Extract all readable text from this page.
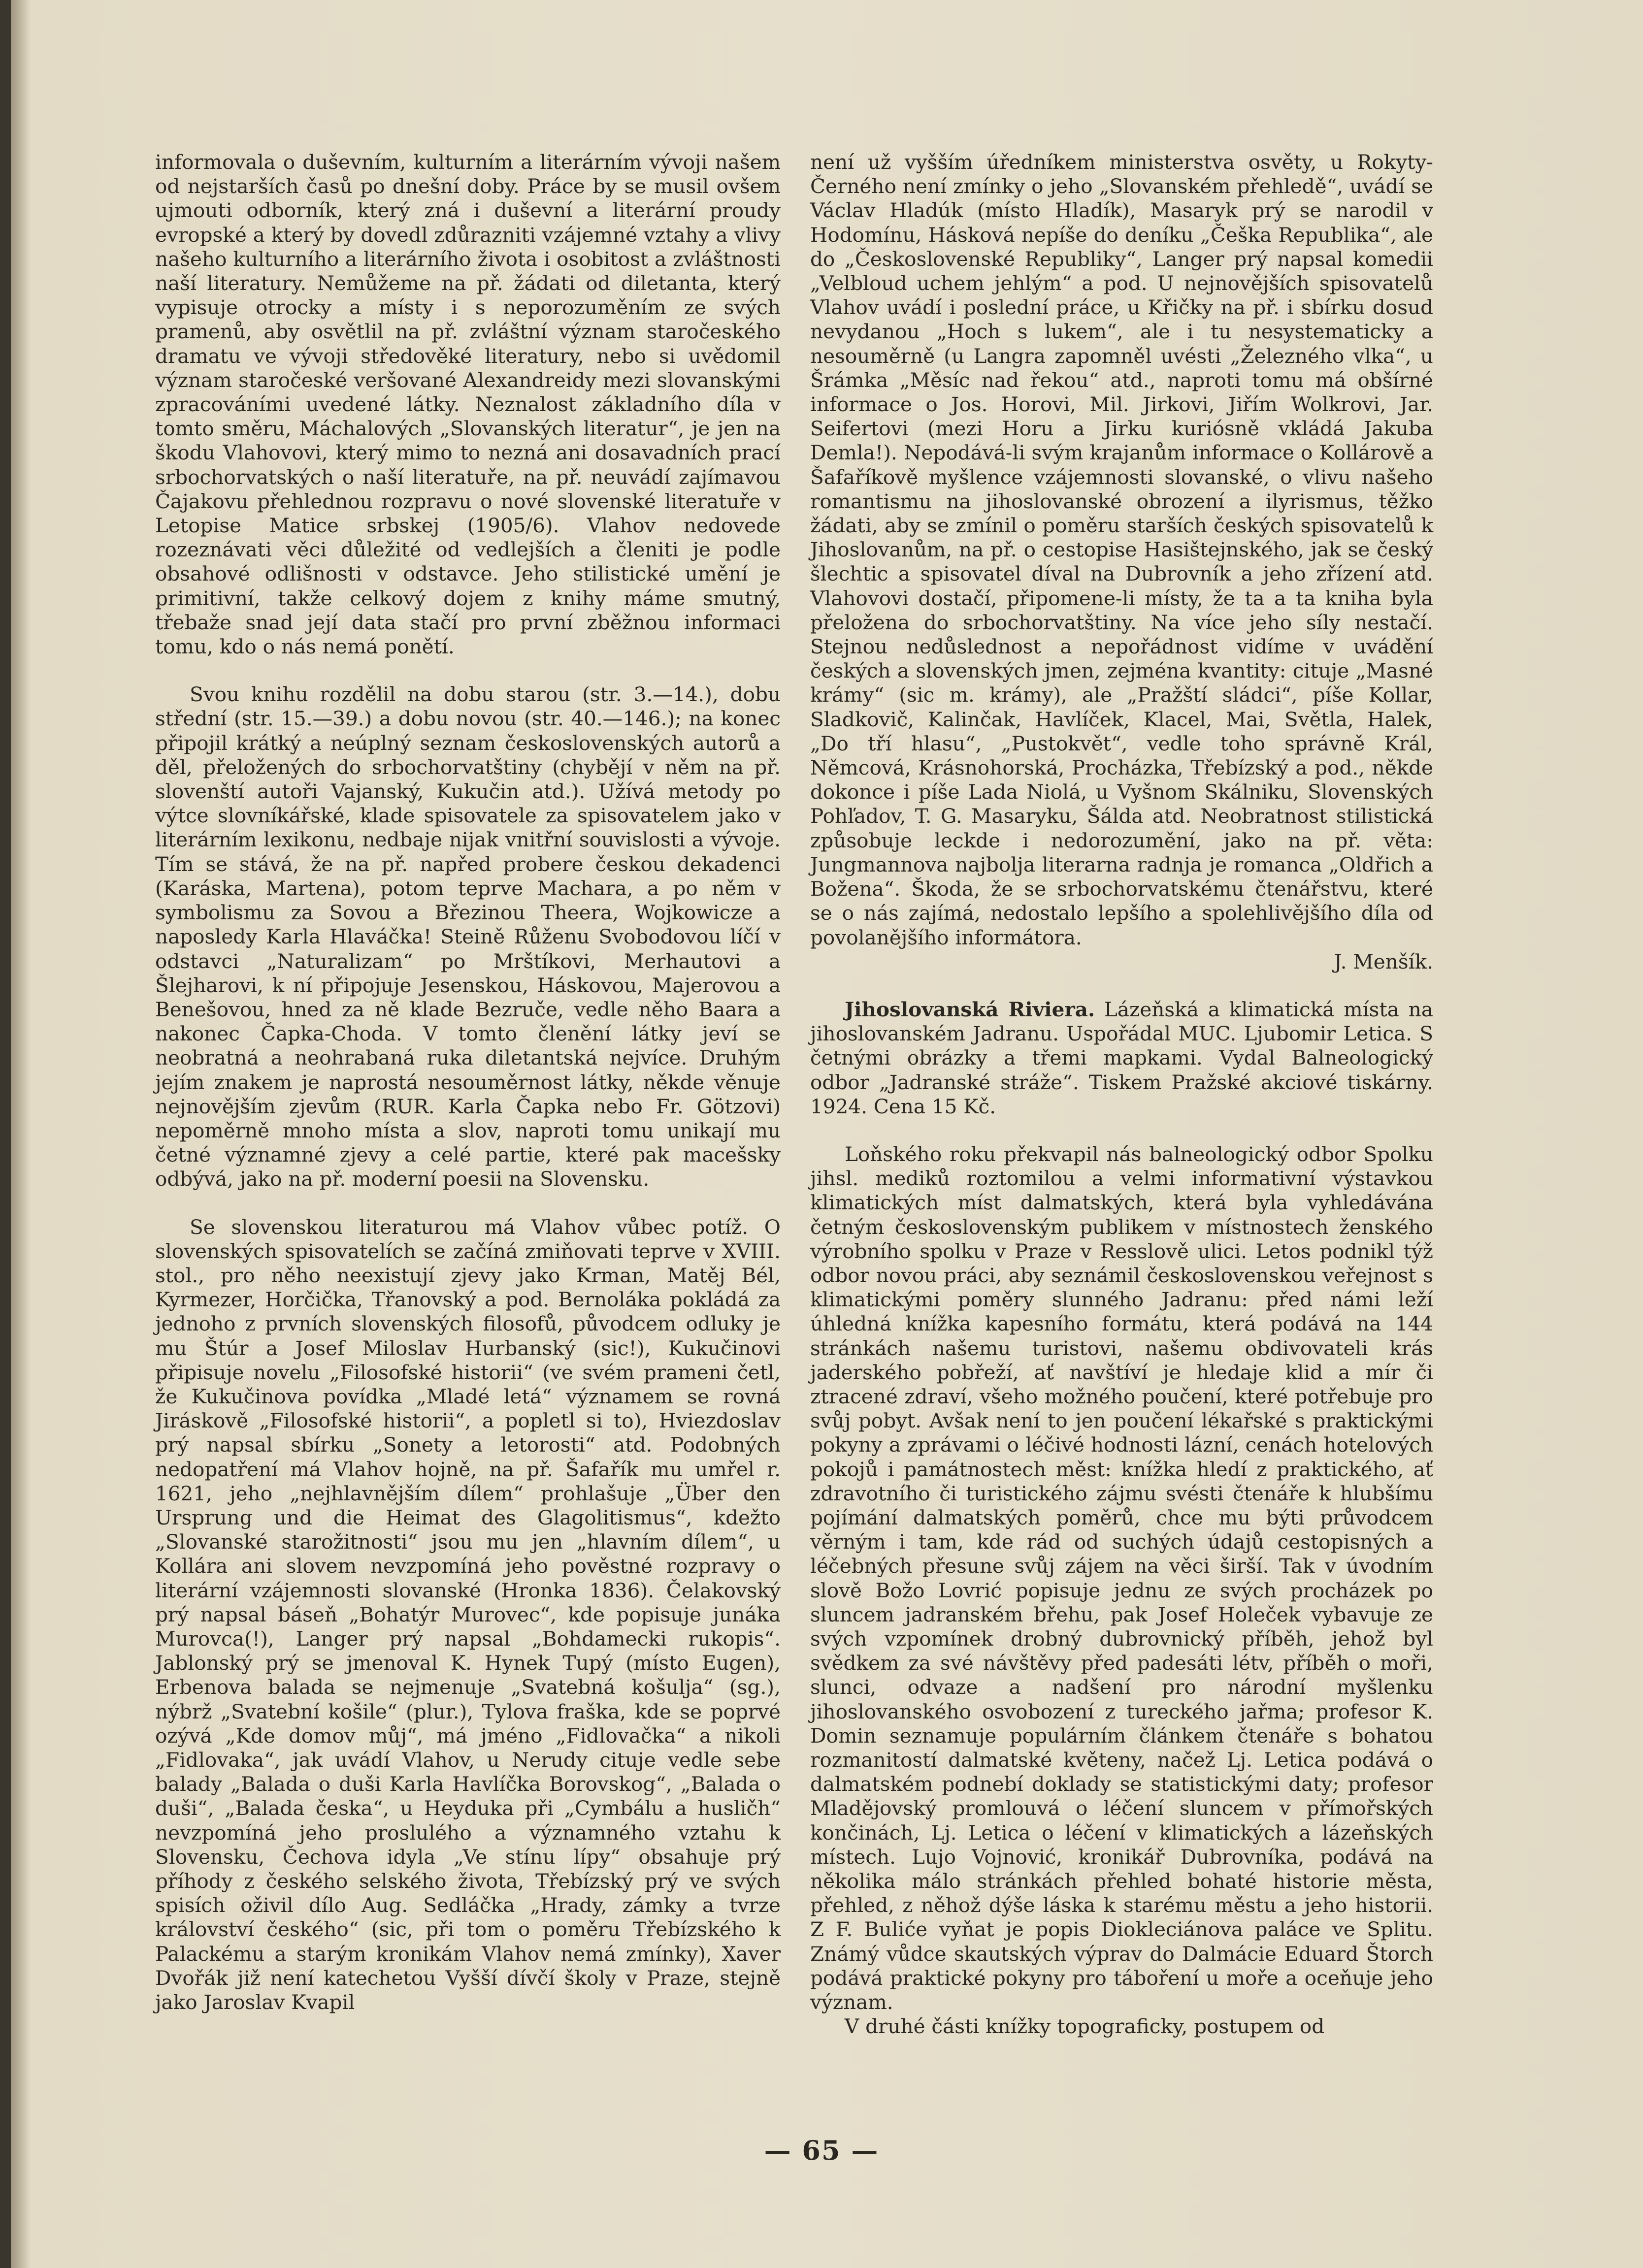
informovala o duševním, kulturním a literárním vývoji našem od nejstarších časů po dnešní doby. Práce by se musil ovšem ujmouti odborník, který zná i duševní a literární proudy evropské a který by dovedl zdůrazniti vzájemné vztahy a vlivy našeho kulturního a literárního života i osobitost a zvláštnosti naší literatury. Nemůžeme na př. žádati od diletanta, který vypisuje otrocky a místy i s neporozuměním ze svých pramenů, aby osvětlil na př. zvláštní význam staročeského dramatu ve vývoji středověké literatury, nebo si uvědomil význam staročeské veršované Alexandreidy mezi slovanskými zpracováními uvedené látky. Neznalost základního díla v tomto směru, Máchalových „Slovanských literatur“, je jen na škodu Vlahovovi, který mimo to nezná ani dosavadních prací srbochorvatských o naší literatuře, na př. neuvádí zajímavou Čajakovu přehlednou rozpravu o nové slovenské literatuře v Letopise Matice srbskej (1905/6). Vlahov nedovede rozeznávati věci důležité od vedlejších a členiti je podle obsahové odlišnosti v odstavce. Jeho stilistické umění je primitivní, takže celkový dojem z knihy máme smutný, třebaže snad její data stačí pro první zběžnou informaci tomu, kdo o nás nemá ponětí.

Svou knihu rozdělil na dobu starou (str. 3.—14.), dobu střední (str. 15.—39.) a dobu novou (str. 40.—146.); na konec připojil krátký a neúplný seznam československých autorů a děl, přeložených do srbochorvatštiny (chybějí v něm na př. slovenští autoři Vajanský, Kukučin atd.). Užívá metody po výtce slovníkářské, klade spisovatele za spisovatelem jako v literárním lexikonu, nedbaje nijak vnitřní souvislosti a vývoje. Tím se stává, že na př. napřed probere českou dekadenci (Karáska, Martena), potom teprve Machara, a po něm v symbolismu za Sovou a Březinou Theera, Wojkowicze a naposledy Karla Hlaváčka! Steině Růženu Svobodovou líčí v odstavci „Naturalizam“ po Mrštíkovi, Merhautovi a Šlejharovi, k ní připojuje Jesenskou, Háskovou, Majerovou a Benešovou, hned za ně klade Bezruče, vedle něho Baara a nakonec Čapka-Choda. V tomto členění látky jeví se neobratná a neohrabaná ruka diletantská nejvíce. Druhým jejím znakem je naprostá nesouměrnost látky, někde věnuje nejnovějším zjevům (RUR. Karla Čapka nebo Fr. Götzovi) nepoměrně mnoho místa a slov, naproti tomu unikají mu četné významné zjevy a celé partie, které pak macešsky odbývá, jako na př. moderní poesii na Slovensku.

Se slovenskou literaturou má Vlahov vůbec potíž. O slovenských spisovatelích se začíná zmiňovati teprve v XVIII. stol., pro něho neexistují zjevy jako Krman, Matěj Bél, Kyrmezer, Horčička, Třanovský a pod. Bernoláka pokládá za jednoho z prvních slovenských filosofů, původcem odluky je mu Štúr a Josef Miloslav Hurbanský (sic!), Kukučinovi připisuje novelu „Filosofské historii“ (ve svém prameni četl, že Kukučinova povídka „Mladé letá“ významem se rovná Jiráskově „Filosofské historii“, a popletl si to), Hviezdoslav prý napsal sbírku „Sonety a letorosti“ atd. Podobných nedopatření má Vlahov hojně, na př. Šafařík mu umřel r. 1621, jeho „nejhlavnějším dílem“ prohlašuje „Über den Ursprung und die Heimat des Glagolitismus“, kdežto „Slovanské starožitnosti“ jsou mu jen „hlavním dílem“, u Kollára ani slovem nevzpomíná jeho pověstné rozpravy o literární vzájemnosti slovanské (Hronka 1836). Čelakovský prý napsal báseň „Bohatýr Murovec“, kde popisuje junáka Murovca(!), Langer prý napsal „Bohdamecki rukopis“. Jablonský prý se jmenoval K. Hynek Tupý (místo Eugen), Erbenova balada se nejmenuje „Svatebná košulja“ (sg.), nýbrž „Svatební košile“ (plur.), Tylova fraška, kde se poprvé ozývá „Kde domov můj“, má jméno „Fidlovačka“ a nikoli „Fidlovaka“, jak uvádí Vlahov, u Nerudy cituje vedle sebe balady „Balada o duši Karla Havlíčka Borovskog“, „Balada o duši“, „Balada česka“, u Heyduka při „Cymbálu a husličh“ nevzpomíná jeho proslulého a významného vztahu k Slovensku, Čechova idyla „Ve stínu lípy“ obsahuje prý příhody z českého selského života, Třebízský prý ve svých spisích oživil dílo Aug. Sedláčka „Hrady, zámky a tvrze království českého“ (sic, při tom o poměru Třebízského k Palackému a starým kronikám Vlahov nemá zmínky), Xaver Dvořák již není katechetou Vyšší dívčí školy v Praze, stejně jako Jaroslav Kvapil

není už vyšším úředníkem ministerstva osvěty, u Rokyty-Černého není zmínky o jeho „Slovanském přehledě“, uvádí se Václav Hladúk (místo Hladík), Masaryk prý se narodil v Hodomínu, Hásková nepíše do deníku „Češka Republika“, ale do „Československé Republiky“, Langer prý napsal komedii „Velbloud uchem jehlým“ a pod. U nejnovějších spisovatelů Vlahov uvádí i poslední práce, u Křičky na př. i sbírku dosud nevydanou „Hoch s lukem“, ale i tu nesystematicky a nesouměrně (u Langra zapomněl uvésti „Železného vlka“, u Šrámka „Měsíc nad řekou“ atd., naproti tomu má obšírné informace o Jos. Horovi, Mil. Jirkovi, Jiřím Wolkrovi, Jar. Seifertovi (mezi Horu a Jirku kuriósně vkládá Jakuba Demla!). Nepodává-li svým krajanům informace o Kollárově a Šafaříkově myšlence vzájemnosti slovanské, o vlivu našeho romantismu na jihoslovanské obrození a ilyrismus, těžko žádati, aby se zmínil o poměru starších českých spisovatelů k Jihoslovanům, na př. o cestopise Hasištejnského, jak se český šlechtic a spisovatel díval na Dubrovník a jeho zřízení atd. Vlahovovi dostačí, připomene-li místy, že ta a ta kniha byla přeložena do srbochorvatštiny. Na více jeho síly nestačí. Stejnou nedůslednost a nepořádnost vidíme v uvádění českých a slovenských jmen, zejména kvantity: cituje „Masné krámy“ (sic m. krámy), ale „Pražští sládci“, píše Kollar, Sladkovič, Kalinčak, Havlíček, Klacel, Mai, Světla, Halek, „Do tří hlasu“, „Pustokvět“, vedle toho správně Král, Němcová, Krásnohorská, Procházka, Třebízský a pod., někde dokonce i píše Lada Niolá, u Vyšnom Skálniku, Slovenských Pohľadov, T. G. Masaryku, Šálda atd. Neobratnost stilistická způsobuje leckde i nedorozumění, jako na př. věta: Jungmannova najbolja literarna radnja je romanca „Oldřich a Božena“. Škoda, že se srbochorvatskému čtenářstvu, které se o nás zajímá, nedostalo lepšího a spolehlivějšího díla od povolanějšího informátora.

J. Menšík.

Jihoslovanská Riviera. Lázeňská a klimatická místa na jihoslovanském Jadranu. Uspořádal MUC. Ljubomir Letica. S četnými obrázky a třemi mapkami. Vydal Balneologický odbor „Jadranské stráže“. Tiskem Pražské akciové tiskárny. 1924. Cena 15 Kč.

Loňského roku překvapil nás balneologický odbor Spolku jihsl. mediků roztomilou a velmi informativní výstavkou klimatických míst dalmatských, která byla vyhledávána četným československým publikem v místnostech ženského výrobního spolku v Praze v Resslově ulici. Letos podnikl týž odbor novou práci, aby seznámil československou veřejnost s klimatickými poměry slunného Jadranu: před námi leží úhledná knížka kapesního formátu, která podává na 144 stránkách našemu turistovi, našemu obdivovateli krás jaderského pobřeží, ať navštíví je hledaje klid a mír či ztracené zdraví, všeho možného poučení, které potřebuje pro svůj pobyt. Avšak není to jen poučení lékařské s praktickými pokyny a zprávami o léčivé hodnosti lázní, cenách hotelových pokojů i památnostech měst: knížka hledí z praktického, ať zdravotního či turistického zájmu svésti čtenáře k hlubšímu pojímání dalmatských poměrů, chce mu býti průvodcem věrným i tam, kde rád od suchých údajů cestopisných a léčebných přesune svůj zájem na věci širší. Tak v úvodním slově Božo Lovrić popisuje jednu ze svých procházek po sluncem jadranském břehu, pak Josef Holeček vybavuje ze svých vzpomínek drobný dubrovnický příběh, jehož byl svědkem za své návštěvy před padesáti létv, příběh o moři, slunci, odvaze a nadšení pro národní myšlenku jihoslovanského osvobození z tureckého jařma; profesor K. Domin seznamuje populárním článkem čtenáře s bohatou rozmanitostí dalmatské květeny, načež Lj. Letica podává o dalmatském podnebí doklady se statistickými daty; profesor Mladějovský promlouvá o léčení sluncem v přímořských končinách, Lj. Letica o léčení v klimatických a lázeňských místech. Lujo Vojnović, kronikář Dubrovníka, podává na několika málo stránkách přehled bohaté historie města, přehled, z něhož dýše láska k starému městu a jeho historii. Z F. Buliće vyňat je popis Diokleciánova paláce ve Splitu. Známý vůdce skautských výprav do Dalmácie Eduard Štorch podává praktické pokyny pro táboření u moře a oceňuje jeho význam.

V druhé části knížky topograficky, postupem od

— 65 —
